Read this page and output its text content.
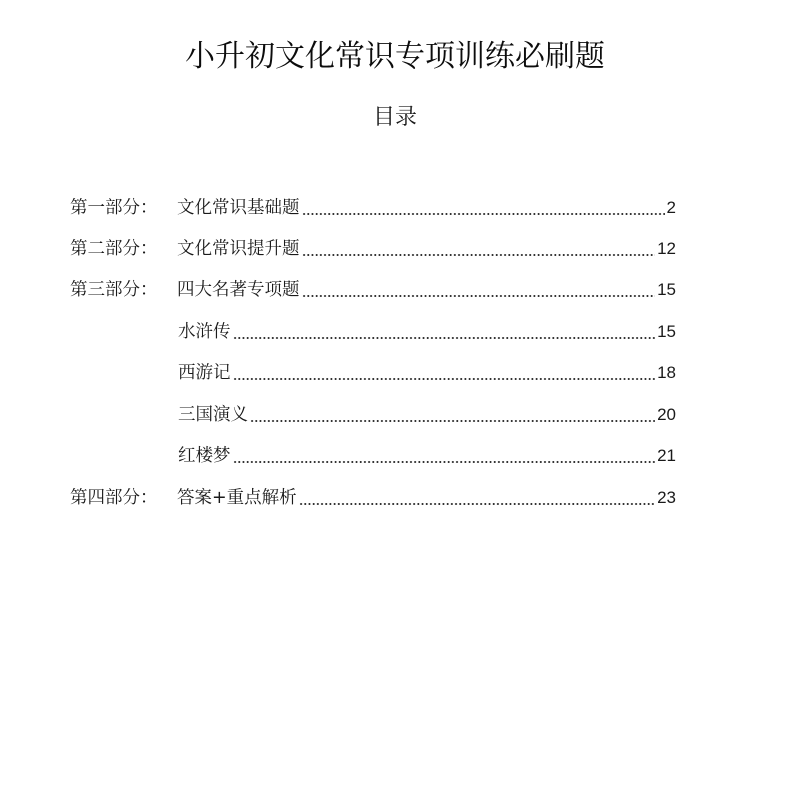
小升初文化常识专项训练必刷题
目录
第一部分：	文化常识基础题	2
第二部分：	文化常识提升题	12
第三部分：	四大名著专项题	15
水浒传	15
西游记	18
三国演义	20
红楼梦	21
第四部分：	答案+重点解析	23
